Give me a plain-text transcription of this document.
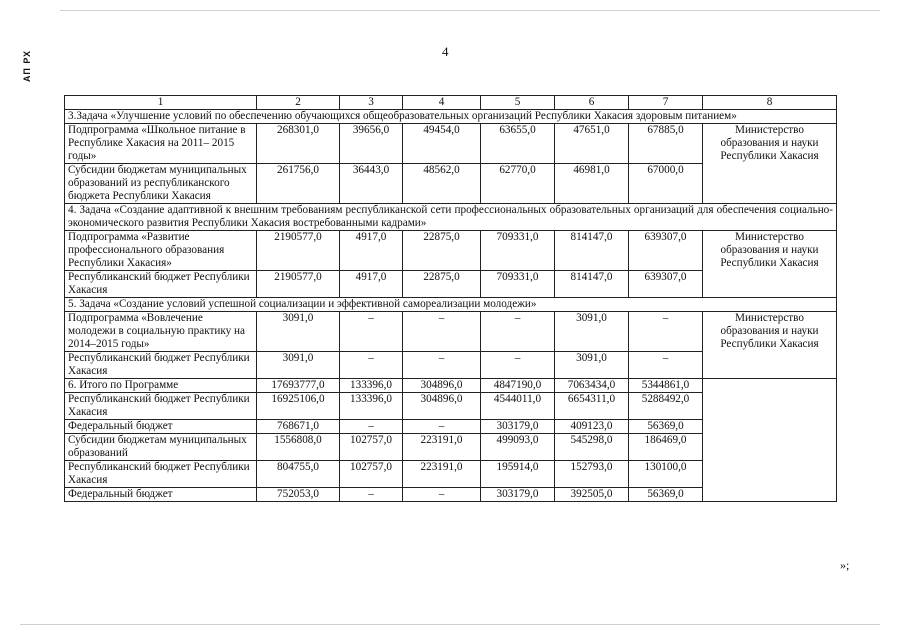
АП РХ	4
1	2	3	4	5	6	7	8
3.Задача «Улучшение условий по обеспечению обучающихся общеобразовательных организаций Республики Хакасия здоровым питанием»							
Подпрограмма «Школьное питание в Республике Хакасия на 2011– 2015 годы»	268301,0	39656,0	49454,0	63655,0	47651,0	67885,0	Министерство образования и науки Республики Хакасия
Субсидии бюджетам муниципальных образований из республиканского бюджета Республики Хакасия	261756,0	36443,0	48562,0	62770,0	46981,0	67000,0	
4. Задача «Создание адаптивной к внешним требованиям республиканской сети профессиональных образовательных организаций для обеспечения социально-экономического развития Республики Хакасия востребованными кадрами»							
Подпрограмма «Развитие профессионального образования Республики Хакасия»	2190577,0	4917,0	22875,0	709331,0	814147,0	639307,0	Министерство образования и науки Республики Хакасия
Республиканский бюджет Республики Хакасия	2190577,0	4917,0	22875,0	709331,0	814147,0	639307,0	
5. Задача «Создание условий успешной социализации и эффективной самореализации молодежи»							
Подпрограмма «Вовлечение молодежи в социальную практику на 2014–2015 годы»	3091,0	–	–	–	3091,0	–	Министерство образования и науки Республики Хакасия
Республиканский бюджет Республики Хакасия	3091,0	–	–	–	3091,0	–	
6. Итого по Программе	17693777,0	133396,0	304896,0	4847190,0	7063434,0	5344861,0	
Республиканский бюджет Республики Хакасия	16925106,0	133396,0	304896,0	4544011,0	6654311,0	5288492,0	
Федеральный бюджет	768671,0	–	–	303179,0	409123,0	56369,0	
Субсидии бюджетам муниципальных образований	1556808,0	102757,0	223191,0	499093,0	545298,0	186469,0	
Республиканский бюджет Республики Хакасия	804755,0	102757,0	223191,0	195914,0	152793,0	130100,0	
Федеральный бюджет	752053,0	–	–	303179,0	392505,0	56369,0	
»;
